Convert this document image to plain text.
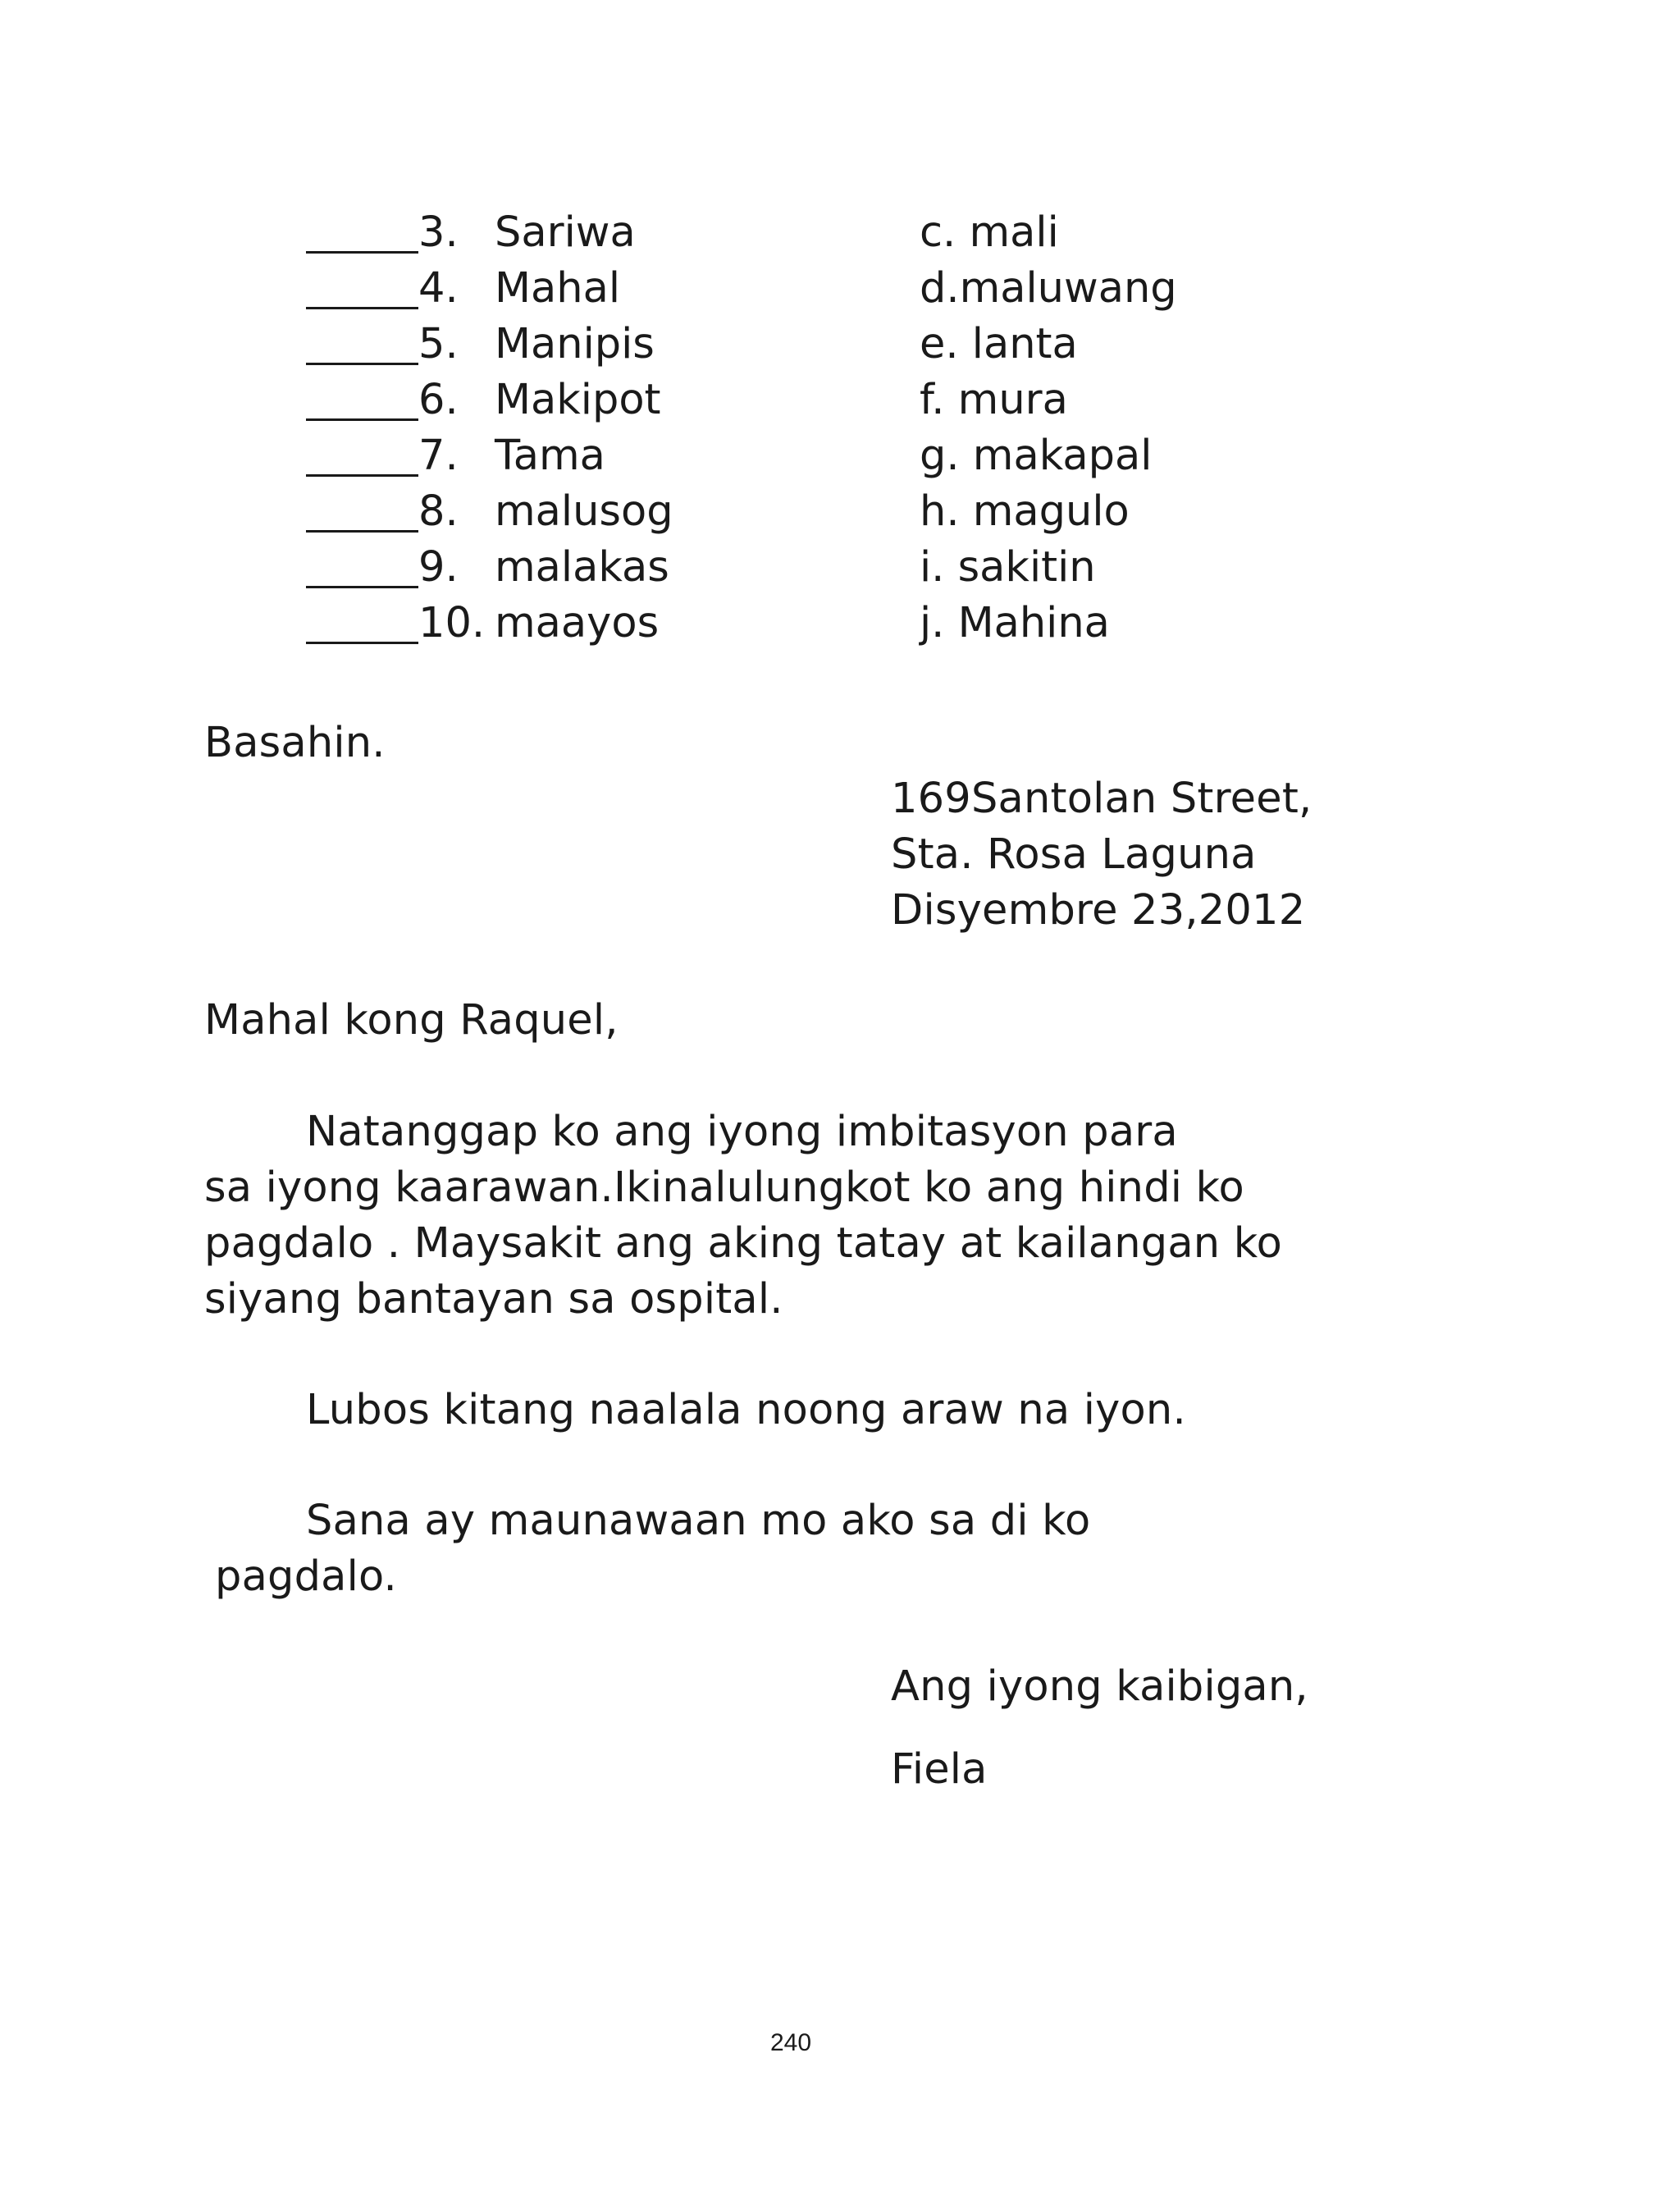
3. Sariwa	c. mali
4. Mahal	d.maluwang
5. Manipis	e. lanta
6. Makipot	f. mura
7. Tama	g. makapal
8. malusog	h. magulo
9. malakas	i. sakitin
10. maayos	j. Mahina
Basahin.
169Santolan Street,
Sta. Rosa Laguna
Disyembre 23,2012
Mahal kong Raquel,
Natanggap ko ang iyong imbitasyon para
sa iyong kaarawan.Ikinalulungkot ko ang hindi ko
pagdalo . Maysakit ang aking tatay at kailangan ko
siyang bantayan sa ospital.
Lubos kitang naalala noong araw na iyon.
Sana ay maunawaan mo ako sa di ko
pagdalo.
Ang iyong kaibigan,
Fiela
240
